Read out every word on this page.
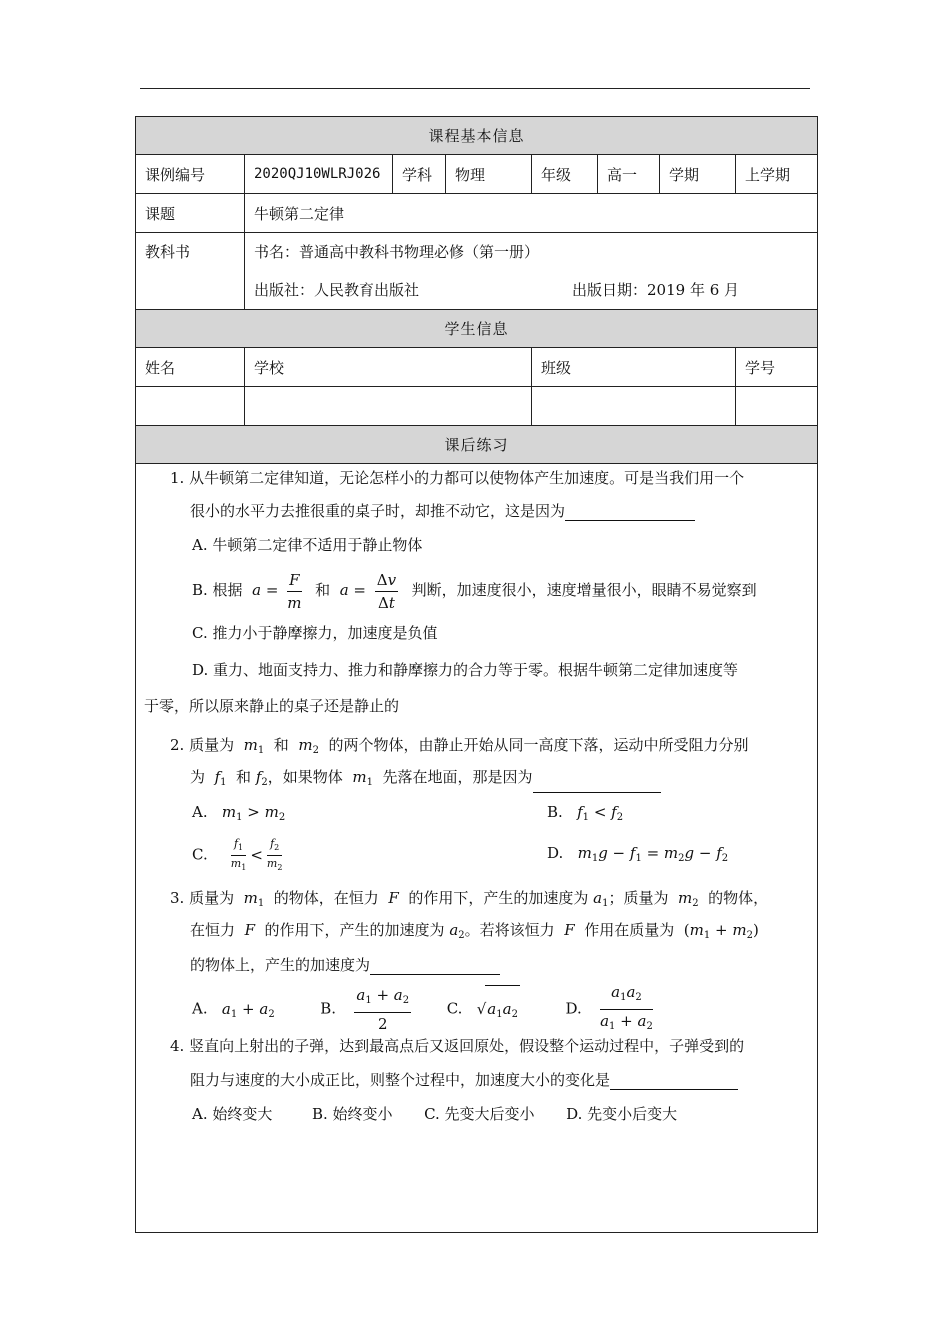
课程基本信息							
课例编号	2020QJ10WLRJ026	学科	物理	年级	高一	学期	上学期
课题	牛顿第二定律						

教科书	书名：普通高中教科书物理必修（第一册）
出版社：人民教育出版社 出版日期：2019 年 6 月						

学生信息							
姓名	学校			班级			学号

课后练习							

1. 从牛顿第二定律知道，无论怎样小的力都可以使物体产生加速度。可是当我们用一个
很小的水平力去推很重的桌子时，却推不动它，这是因为
A. 牛顿第二定律不适用于静止物体
B. 根据  $a = \frac{F}{m}$ 和 $a = \frac{\Delta v}{\Delta t}$ 判断，加速度很小，速度增量很小，眼睛不易觉察到
C. 推力小于静摩擦力，加速度是负值
D. 重力、地面支持力、推力和静摩擦力的合力等于零。根据牛顿第二定律加速度等
于零，所以原来静止的桌子还是静止的
2. 质量为 $m_1$ 和 $m_2$ 的两个物体，由静止开始从同一高度下落，运动中所受阻力分别
为 $f_1$ 和 $f_2$，如果物体 $m_1$ 先落在地面，那是因为
A. $m_1 > m_2$	B. $f_1 < f_2$
C. $\frac{f_1}{m_1} < \frac{f_2}{m_2}$	D. $m_1g - f_1 = m_2g - f_2$
3. 质量为 $m_1$ 的物体，在恒力 F 的作用下，产生的加速度为 $a_1$；质量为 $m_2$ 的物体，
在恒力 F 的作用下，产生的加速度为 $a_2$。若将该恒力 F 作用在质量为 $(m_1 + m_2)$
的物体上，产生的加速度为
A. $a_1 + a_2$	B. $\frac{a_1 + a_2}{2} C$. $√a_1a_2$	D. $\frac{a_1a_2}{a_1 + a_2}$
4. 竖直向上射出的子弹，达到最高点后又返回原处，假设整个运动过程中，子弹受到的
阻力与速度的大小成正比，则整个过程中，加速度大小的变化是
A. 始终变大	B. 始终变小 C. 先变大后变小 D. 先变小后变大
